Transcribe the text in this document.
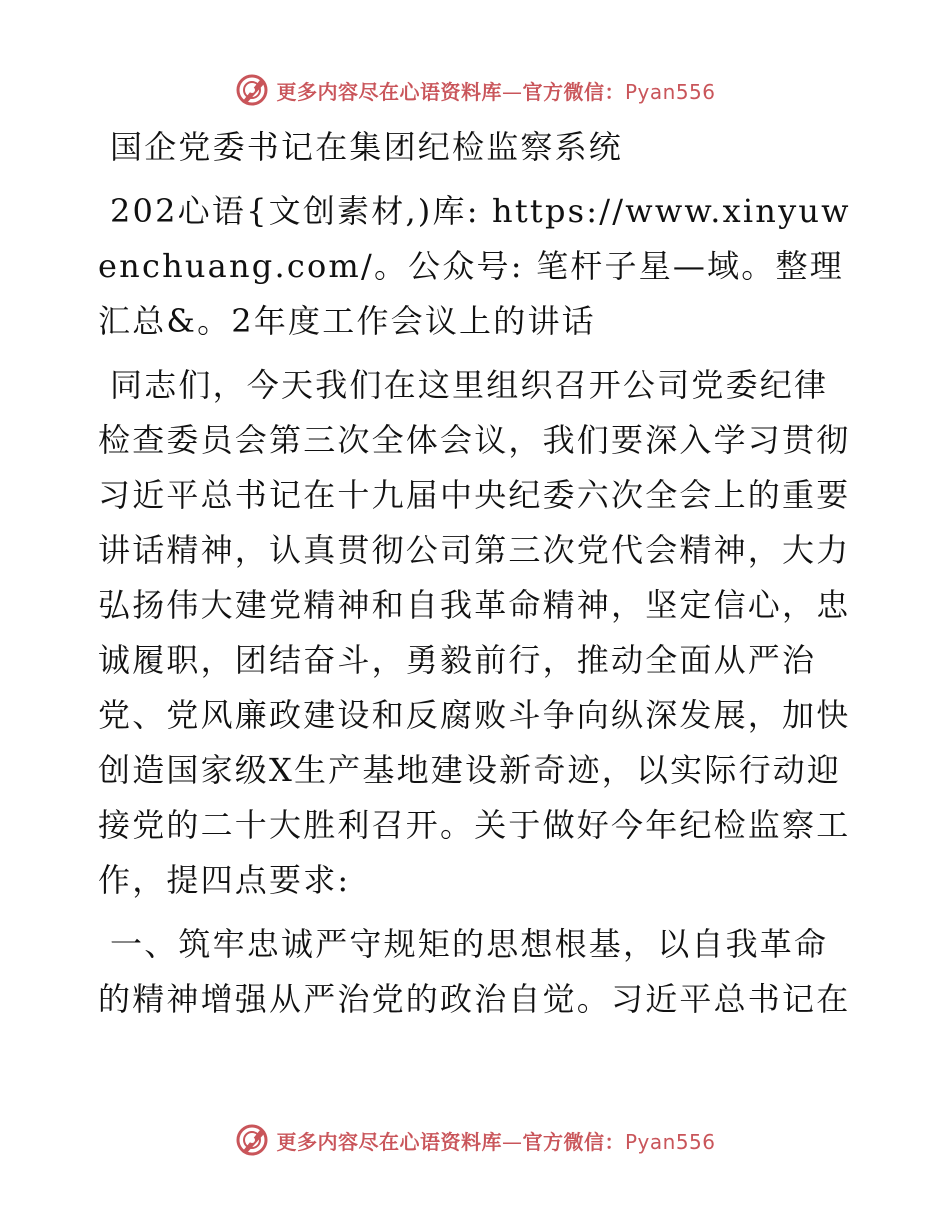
更多内容尽在心语资料库—官方微信：Pyan556

国企党委书记在集团纪检监察系统

202心语{文创素材,)库: https://www.xinyuwenchuang.com/。公众号: 笔杆子星—域。整理汇总&。2年度工作会议上的讲话

同志们，今天我们在这里组织召开公司党委纪律检查委员会第三次全体会议，我们要深入学习贯彻习近平总书记在十九届中央纪委六次全会上的重要讲话精神，认真贯彻公司第三次党代会精神，大力弘扬伟大建党精神和自我革命精神，坚定信心，忠诚履职，团结奋斗，勇毅前行，推动全面从严治党、党风廉政建设和反腐败斗争向纵深发展，加快创造国家级X生产基地建设新奇迹，以实际行动迎接党的二十大胜利召开。关于做好今年纪检监察工作，提四点要求:

一、筑牢忠诚严守规矩的思想根基，以自我革命的精神增强从严治党的政治自觉。习近平总书记在

更多内容尽在心语资料库—官方微信：Pyan556
